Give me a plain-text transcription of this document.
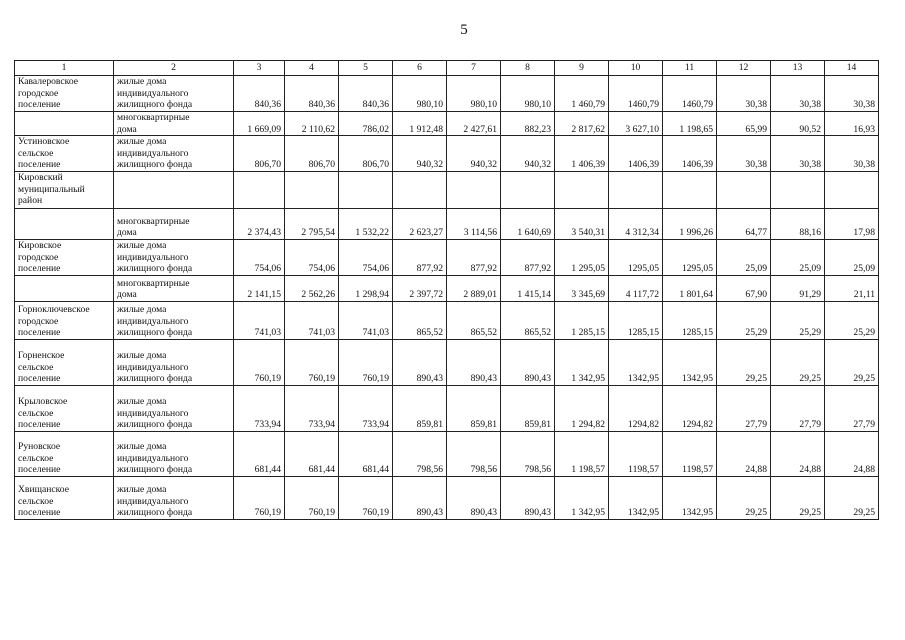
5
1	2	3	4	5	6	7	8	9	10	11	12	13	14
Кавалеровское
городское
поселение	жилые дома
индивидуального
жилищного фонда	840,36	840,36	840,36	980,10	980,10	980,10	1 460,79	1460,79	1460,79	30,38	30,38	30,38
	многоквартирные
дома	1 669,09	2 110,62	786,02	1 912,48	2 427,61	882,23	2 817,62	3 627,10	1 198,65	65,99	90,52	16,93
Устиновское
сельское
поселение	жилые дома
индивидуального
жилищного фонда	806,70	806,70	806,70	940,32	940,32	940,32	1 406,39	1406,39	1406,39	30,38	30,38	30,38
Кировский
муниципальный
район													
	многоквартирные
дома	2 374,43	2 795,54	1 532,22	2 623,27	3 114,56	1 640,69	3 540,31	4 312,34	1 996,26	64,77	88,16	17,98
Кировское
городское
поселение	жилые дома
индивидуального
жилищного фонда	754,06	754,06	754,06	877,92	877,92	877,92	1 295,05	1295,05	1295,05	25,09	25,09	25,09
	многоквартирные
дома	2 141,15	2 562,26	1 298,94	2 397,72	2 889,01	1 415,14	3 345,69	4 117,72	1 801,64	67,90	91,29	21,11
Горноключевское
городское
поселение	жилые дома
индивидуального
жилищного фонда	741,03	741,03	741,03	865,52	865,52	865,52	1 285,15	1285,15	1285,15	25,29	25,29	25,29
Горненское
сельское
поселение	жилые дома
индивидуального
жилищного фонда	760,19	760,19	760,19	890,43	890,43	890,43	1 342,95	1342,95	1342,95	29,25	29,25	29,25
Крыловское
сельское
поселение	жилые дома
индивидуального
жилищного фонда	733,94	733,94	733,94	859,81	859,81	859,81	1 294,82	1294,82	1294,82	27,79	27,79	27,79
Руновское
сельское
поселение	жилые дома
индивидуального
жилищного фонда	681,44	681,44	681,44	798,56	798,56	798,56	1 198,57	1198,57	1198,57	24,88	24,88	24,88
Хвищанское
сельское
поселение	жилые дома
индивидуального
жилищного фонда	760,19	760,19	760,19	890,43	890,43	890,43	1 342,95	1342,95	1342,95	29,25	29,25	29,25
